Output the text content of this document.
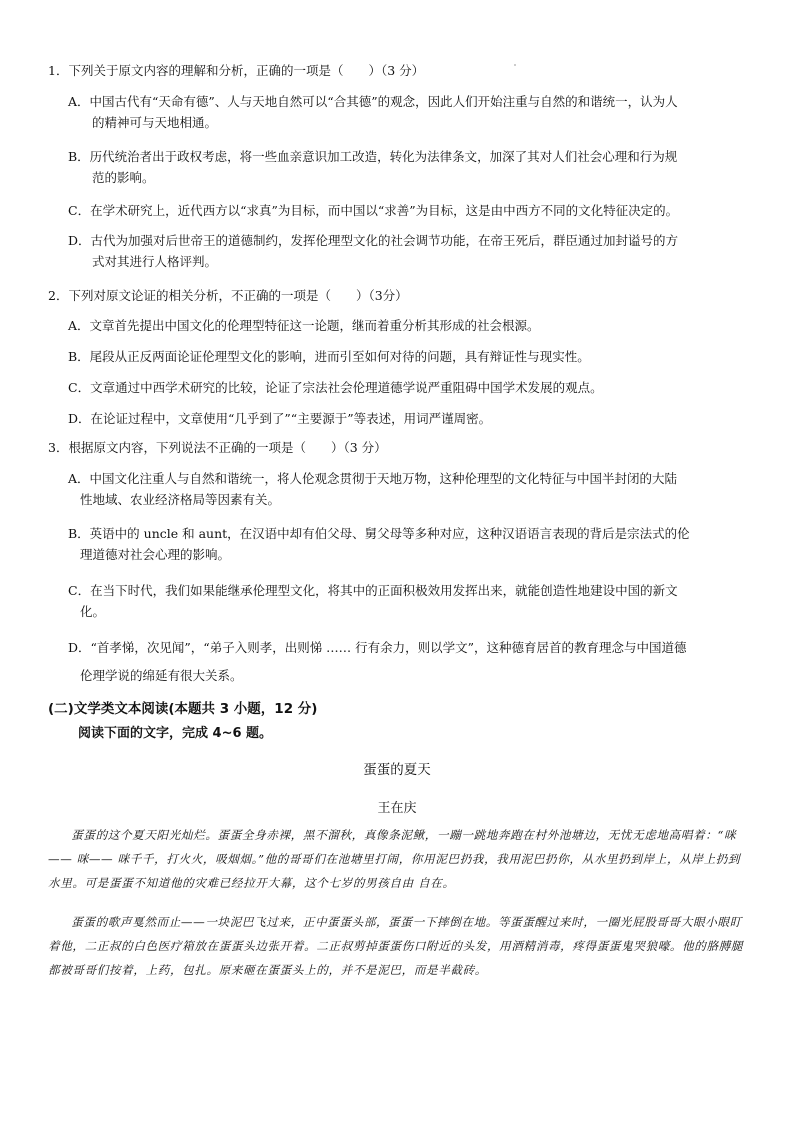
1．下列关于原文内容的理解和分析，正确的一项是（　　）（3 分）
A．中国古代有“天命有德”、人与天地自然可以“合其德”的观念，因此人们开始注重与自然的和谐统一，认为人
的精神可与天地相通。
B．历代统治者出于政权考虑，将一些血亲意识加工改造，转化为法律条文，加深了其对人们社会心理和行为规
范的影响。
C．在学术研究上，近代西方以“求真”为目标，而中国以“求善”为目标，这是由中西方不同的文化特征决定的。
D．古代为加强对后世帝王的道德制约，发挥伦理型文化的社会调节功能，在帝王死后，群臣通过加封谥号的方
式对其进行人格评判。
2．下列对原文论证的相关分析，不正确的一项是（　　）（3分）
A．文章首先提出中国文化的伦理型特征这一论题，继而着重分析其形成的社会根源。
B．尾段从正反两面论证伦理型文化的影响，进而引至如何对待的问题，具有辩证性与现实性。
C．文章通过中西学术研究的比较，论证了宗法社会伦理道德学说严重阻碍中国学术发展的观点。
D．在论证过程中，文章使用“几乎到了”“主要源于”等表述，用词严谨周密。
3．根据原文内容，下列说法不正确的一项是（　　）（3 分）
A．中国文化注重人与自然和谐统一，将人伦观念贯彻于天地万物，这种伦理型的文化特征与中国半封闭的大陆
性地域、农业经济格局等因素有关。
B．英语中的 uncle 和 aunt，在汉语中却有伯父母、舅父母等多种对应，这种汉语语言表现的背后是宗法式的伦
理道德对社会心理的影响。
C．在当下时代，我们如果能继承伦理型文化，将其中的正面积极效用发挥出来，就能创造性地建设中国的新文
化。
D．“首孝悌，次见闻”，“弟子入则孝，出则悌 …… 行有余力，则以学文”，这种德育居首的教育理念与中国道德
伦理学说的绵延有很大关系。
(二)文学类文本阅读(本题共 3 小题，12 分)
阅读下面的文字，完成 4~6 题。
蛋蛋的夏天
王在庆
蛋蛋的这个夏天阳光灿烂。蛋蛋全身赤裸，黑不溜秋，真像条泥鳅，一蹦一跳地奔跑在村外池塘边，无忧无虑地高唱着：“咪—— 咪—— 咪千千，打火火，吸烟烟。”他的哥哥们在池塘里打闹，你用泥巴扔我，我用泥巴扔你，从水里扔到岸上，从岸上扔到水里。可是蛋蛋不知道他的灾难已经拉开大幕，这个七岁的男孩自由 自在。
蛋蛋的歌声戛然而止——一块泥巴飞过来，正中蛋蛋头部，蛋蛋一下摔倒在地。等蛋蛋醒过来时，一圈光屁股哥哥大眼小眼盯着他，二正叔的白色医疗箱放在蛋蛋头边张开着。二正叔剪掉蛋蛋伤口附近的头发，用酒精消毒，疼得蛋蛋鬼哭狼嚎。他的胳膊腿都被哥哥们按着，上药，包扎。原来砸在蛋蛋头上的，并不是泥巴，而是半截砖。
